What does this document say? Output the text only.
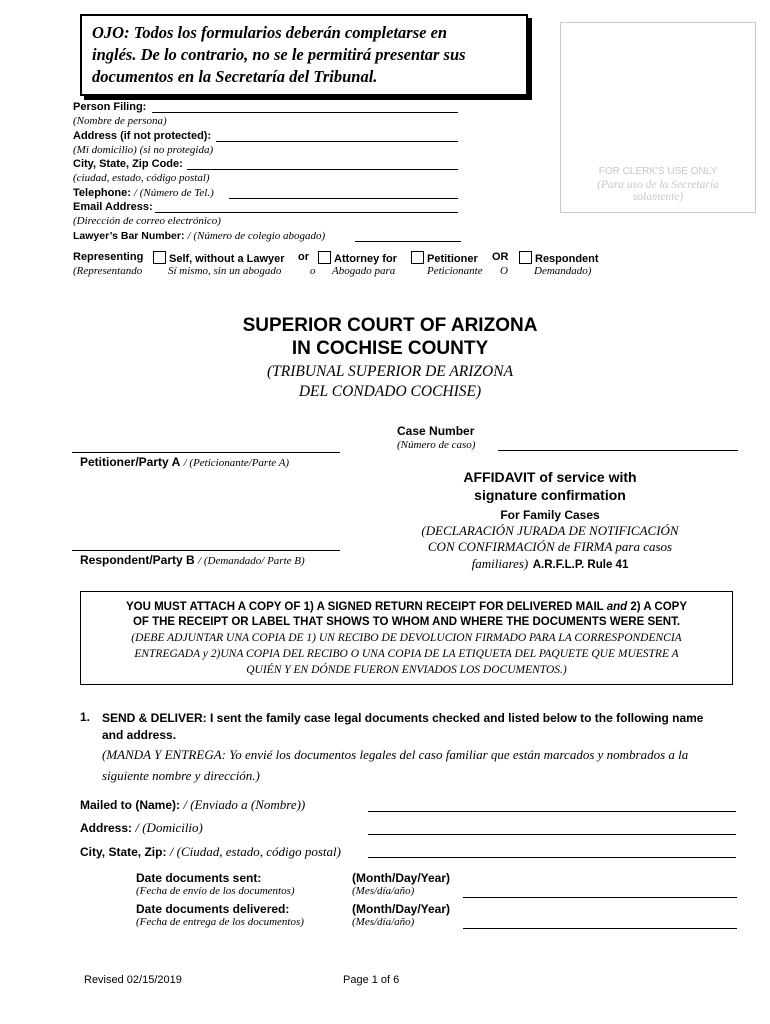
OJO: Todos los formularios deberán completarse en
inglés. De lo contrario, no se le permitirá presentar sus
documentos en la Secretaría del Tribunal.
FOR CLERK'S USE ONLY
(Para uso de la Secretaría
solamente)
Person Filing:
(Nombre de persona)
Address (if not protected):
(Mi domicilio) (si no protegida)
City, State, Zip Code:
(ciudad, estado, código postal)
Telephone: / (Número de Tel.)
Email Address:
(Dirección de correo electrónico)
Lawyer’s Bar Number: / (Número de colegio abogado)
Representing
(Representando
Self, without a Lawyer
Sí mismo, sin un abogado
or
o
Attorney for
Abogado para
Petitioner
Peticionante
OR
O
Respondent
Demandado)
SUPERIOR COURT OF ARIZONA
IN COCHISE COUNTY
(TRIBUNAL SUPERIOR DE ARIZONA
DEL CONDADO COCHISE)
Case Number
(Número de caso)
Petitioner/Party A / (Peticionante/Parte A)
Respondent/Party B / (Demandado/ Parte B)
AFFIDAVIT of service with
signature confirmation
For Family Cases
(DECLARACIÓN JURADA DE NOTIFICACIÓN
CON CONFIRMACIÓN de FIRMA para casos
familiares) A.R.F.L.P. Rule 41
YOU MUST ATTACH A COPY OF 1) A SIGNED RETURN RECEIPT FOR DELIVERED MAIL and 2) A COPY
OF THE RECEIPT OR LABEL THAT SHOWS TO WHOM AND WHERE THE DOCUMENTS WERE SENT.
(DEBE ADJUNTAR UNA COPIA DE 1) UN RECIBO DE DEVOLUCION FIRMADO PARA LA CORRESPONDENCIA
ENTREGADA y 2)UNA COPIA DEL RECIBO O UNA COPIA DE LA ETIQUETA DEL PAQUETE QUE MUESTRE A
QUIÉN Y EN DÓNDE FUERON ENVIADOS LOS DOCUMENTOS.)
1. SEND & DELIVER: I sent the family case legal documents checked and listed below to the following name
and address.
(MANDA Y ENTREGA: Yo envié los documentos legales del caso familiar que están marcados y nombrados a la
siguiente nombre y dirección.)
Mailed to (Name): / (Enviado a (Nombre))
Address: / (Domicilio)
City, State, Zip: / (Ciudad, estado, código postal)
Date documents sent:
(Fecha de envío de los documentos)
(Month/Day/Year)
(Mes/día/año)
Date documents delivered:
(Fecha de entrega de los documentos)
(Month/Day/Year)
(Mes/día/año)
Revised 02/15/2019	Page 1 of 6
